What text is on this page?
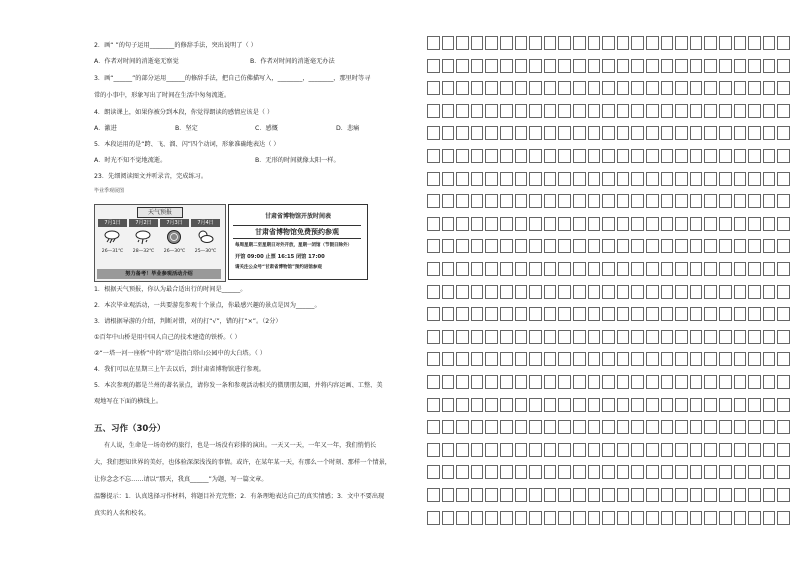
2．画“ ”的句子运用________的修辞手法，突出说明了（ ）
A．作者对时间的消逝毫无察觉	B．作者对时间的消逝毫无办法
3．画“______”的部分运用______的修辞手法，把自己仿佛描写入，________，________，那里时等寻
常的小事中，形象写出了时间在生活中匆匆流逝。
4．朗读课上，如果你被分到本段，你觉得朗读的感情应该是（ ）
A．激进	B．坚定	C．感慨	D．悲痛
5．本段运用的是“跨、飞、溜、闪”四个动词，形象准确地表达（ ）
A．时光不知不觉地流逝。	B．无形的时间就像太阳一样。
23．先细阅读图文并听录音，完成练习。
毕业季观展图
天气预报
7月1日	7月2日	7月3日	7月4日
26—31℃	28—32℃	26—30℃	25—30℃
努力备考！毕业参观活动介绍
甘肃省博物馆开放时间表
甘肃省博物馆免费预约参观
每周星期二至星期日对外开放，星期一闭馆（节假日除外）
开馆 09:00 止票 16:15 闭馆 17:00
请关注公众号“甘肃省博物馆”预约进馆参观
1．根据天气预报，你认为最合适出行的时间是______。
2．本次毕业观活动，一共要游览参观十个景点，你最感兴趣的景点是因为______。
3．请根据导游的介绍，判断对错，对的打“√”，错的打“×”。（2分）
①百年中山桥是用中国人自己的技术建造的铁桥。（ ）
②“一塔一河一座桥”中的“塔”是指白塔山公园中的大白塔。（ ）
4．我们可以在星期三上午去以后，到甘肃省博物馆进行参观。
5．本次参观的都是兰州的著名景点，请你发一条和参观活动相关的微朋朋友圈，并将内容运画、工整、美
观地写在下面的横线上。
五、习作（30分）
有人说，生命是一场奇妙的旅行，也是一场没有彩排的演出。一天又一天，一年又一年，我们悄悄长
大，我们想知世界的美好，也体验深深浅浅的事情。或许，在某年某一天，有那么一个时刻、那样一个情景，
让你念念不忘……请以“那天，我真______”为题，写一篇文章。
温馨提示：1．认真选择习作材料，将题目补充完整；2．有条理地表达自己的真实情感；3．文中不要出现
真实的人名和校名。
